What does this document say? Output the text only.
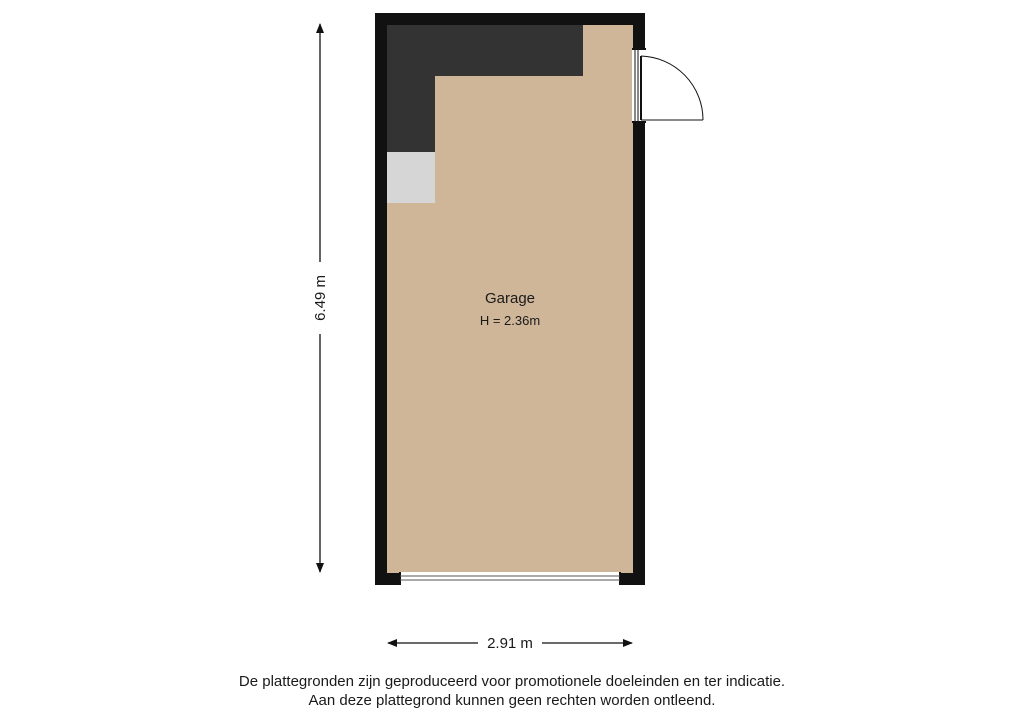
Garage
H = 2.36m
6.49 m
2.91 m
De plattegronden zijn geproduceerd voor promotionele doeleinden en ter indicatie.
Aan deze plattegrond kunnen geen rechten worden ontleend.
